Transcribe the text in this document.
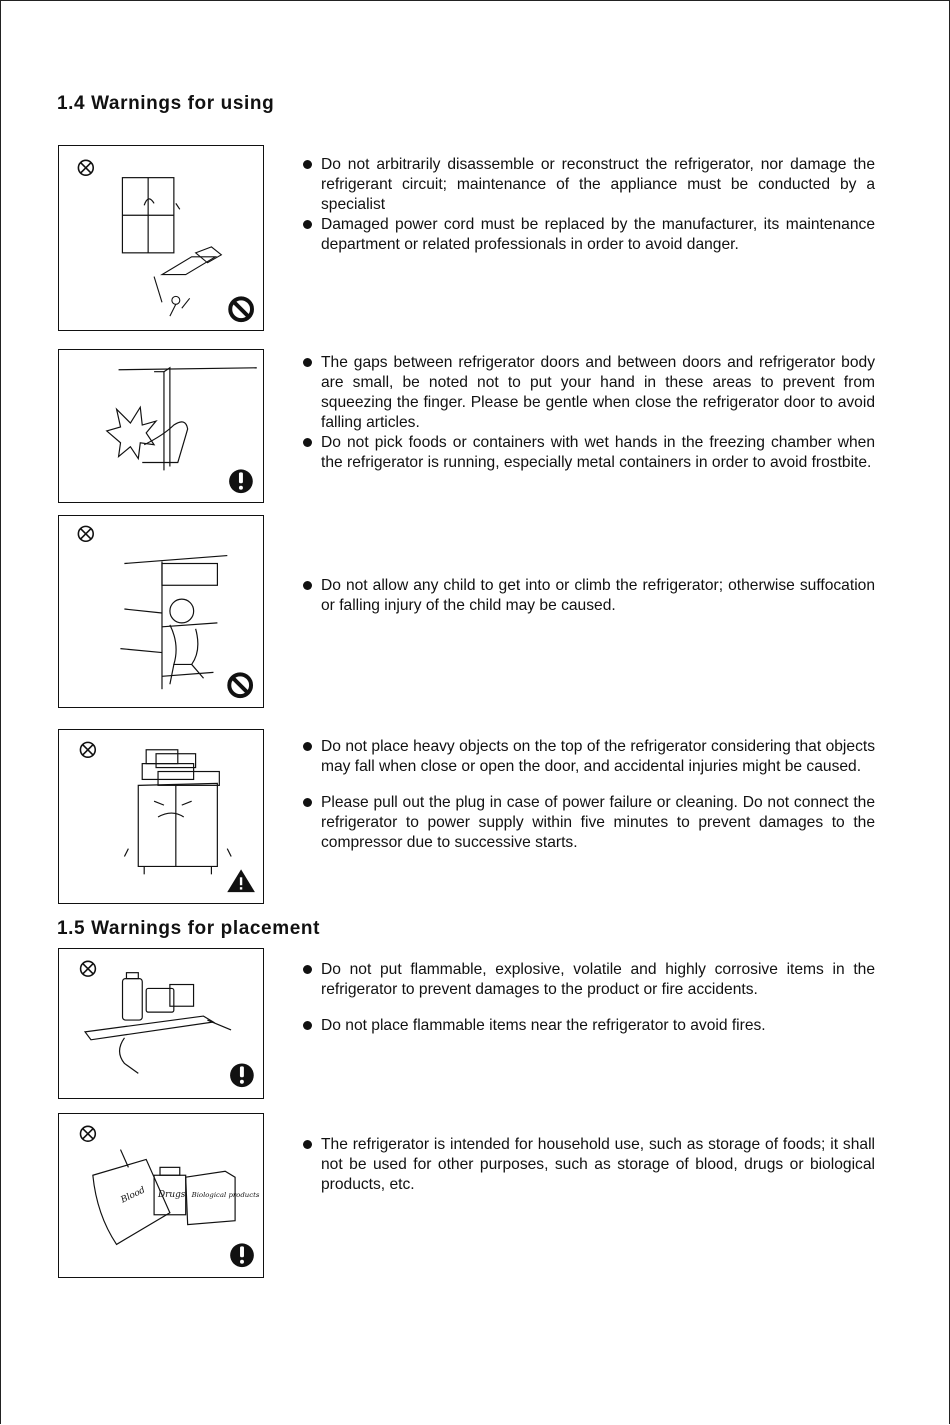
1.4 Warnings for using
Do not arbitrarily disassemble or reconstruct the refrigerator, nor damage the refrigerant circuit; maintenance of the appliance must be conducted by a specialist
Damaged power cord must be replaced by the manufacturer, its maintenance department or related professionals in order to avoid danger.
The gaps between refrigerator doors and between doors and refrigerator body are small, be noted not to put your hand in these areas to prevent from squeezing the finger. Please be gentle when close the refrigerator door to avoid falling articles.
Do not pick foods or containers with wet hands in the freezing chamber when the refrigerator is running, especially metal containers in order to avoid frostbite.
Do not allow any child to get into or climb the refrigerator; otherwise suffocation or falling injury of the child may be caused.
Do not place heavy objects on the top of the refrigerator considering that objects may fall when close or open the door, and accidental injuries might be caused.
Please pull out the plug in case of power failure or cleaning. Do not connect the refrigerator to power supply within five minutes to prevent damages to the compressor due to successive starts.
1.5 Warnings for placement
Do not put flammable, explosive, volatile and highly corrosive items in the refrigerator to prevent damages to the product or fire accidents.
Do not place flammable items near the refrigerator to avoid fires.
Blood Drugs Biological products
The refrigerator is intended for household use, such as storage of foods; it shall not be used for other purposes, such as storage of blood, drugs or biological products, etc.
